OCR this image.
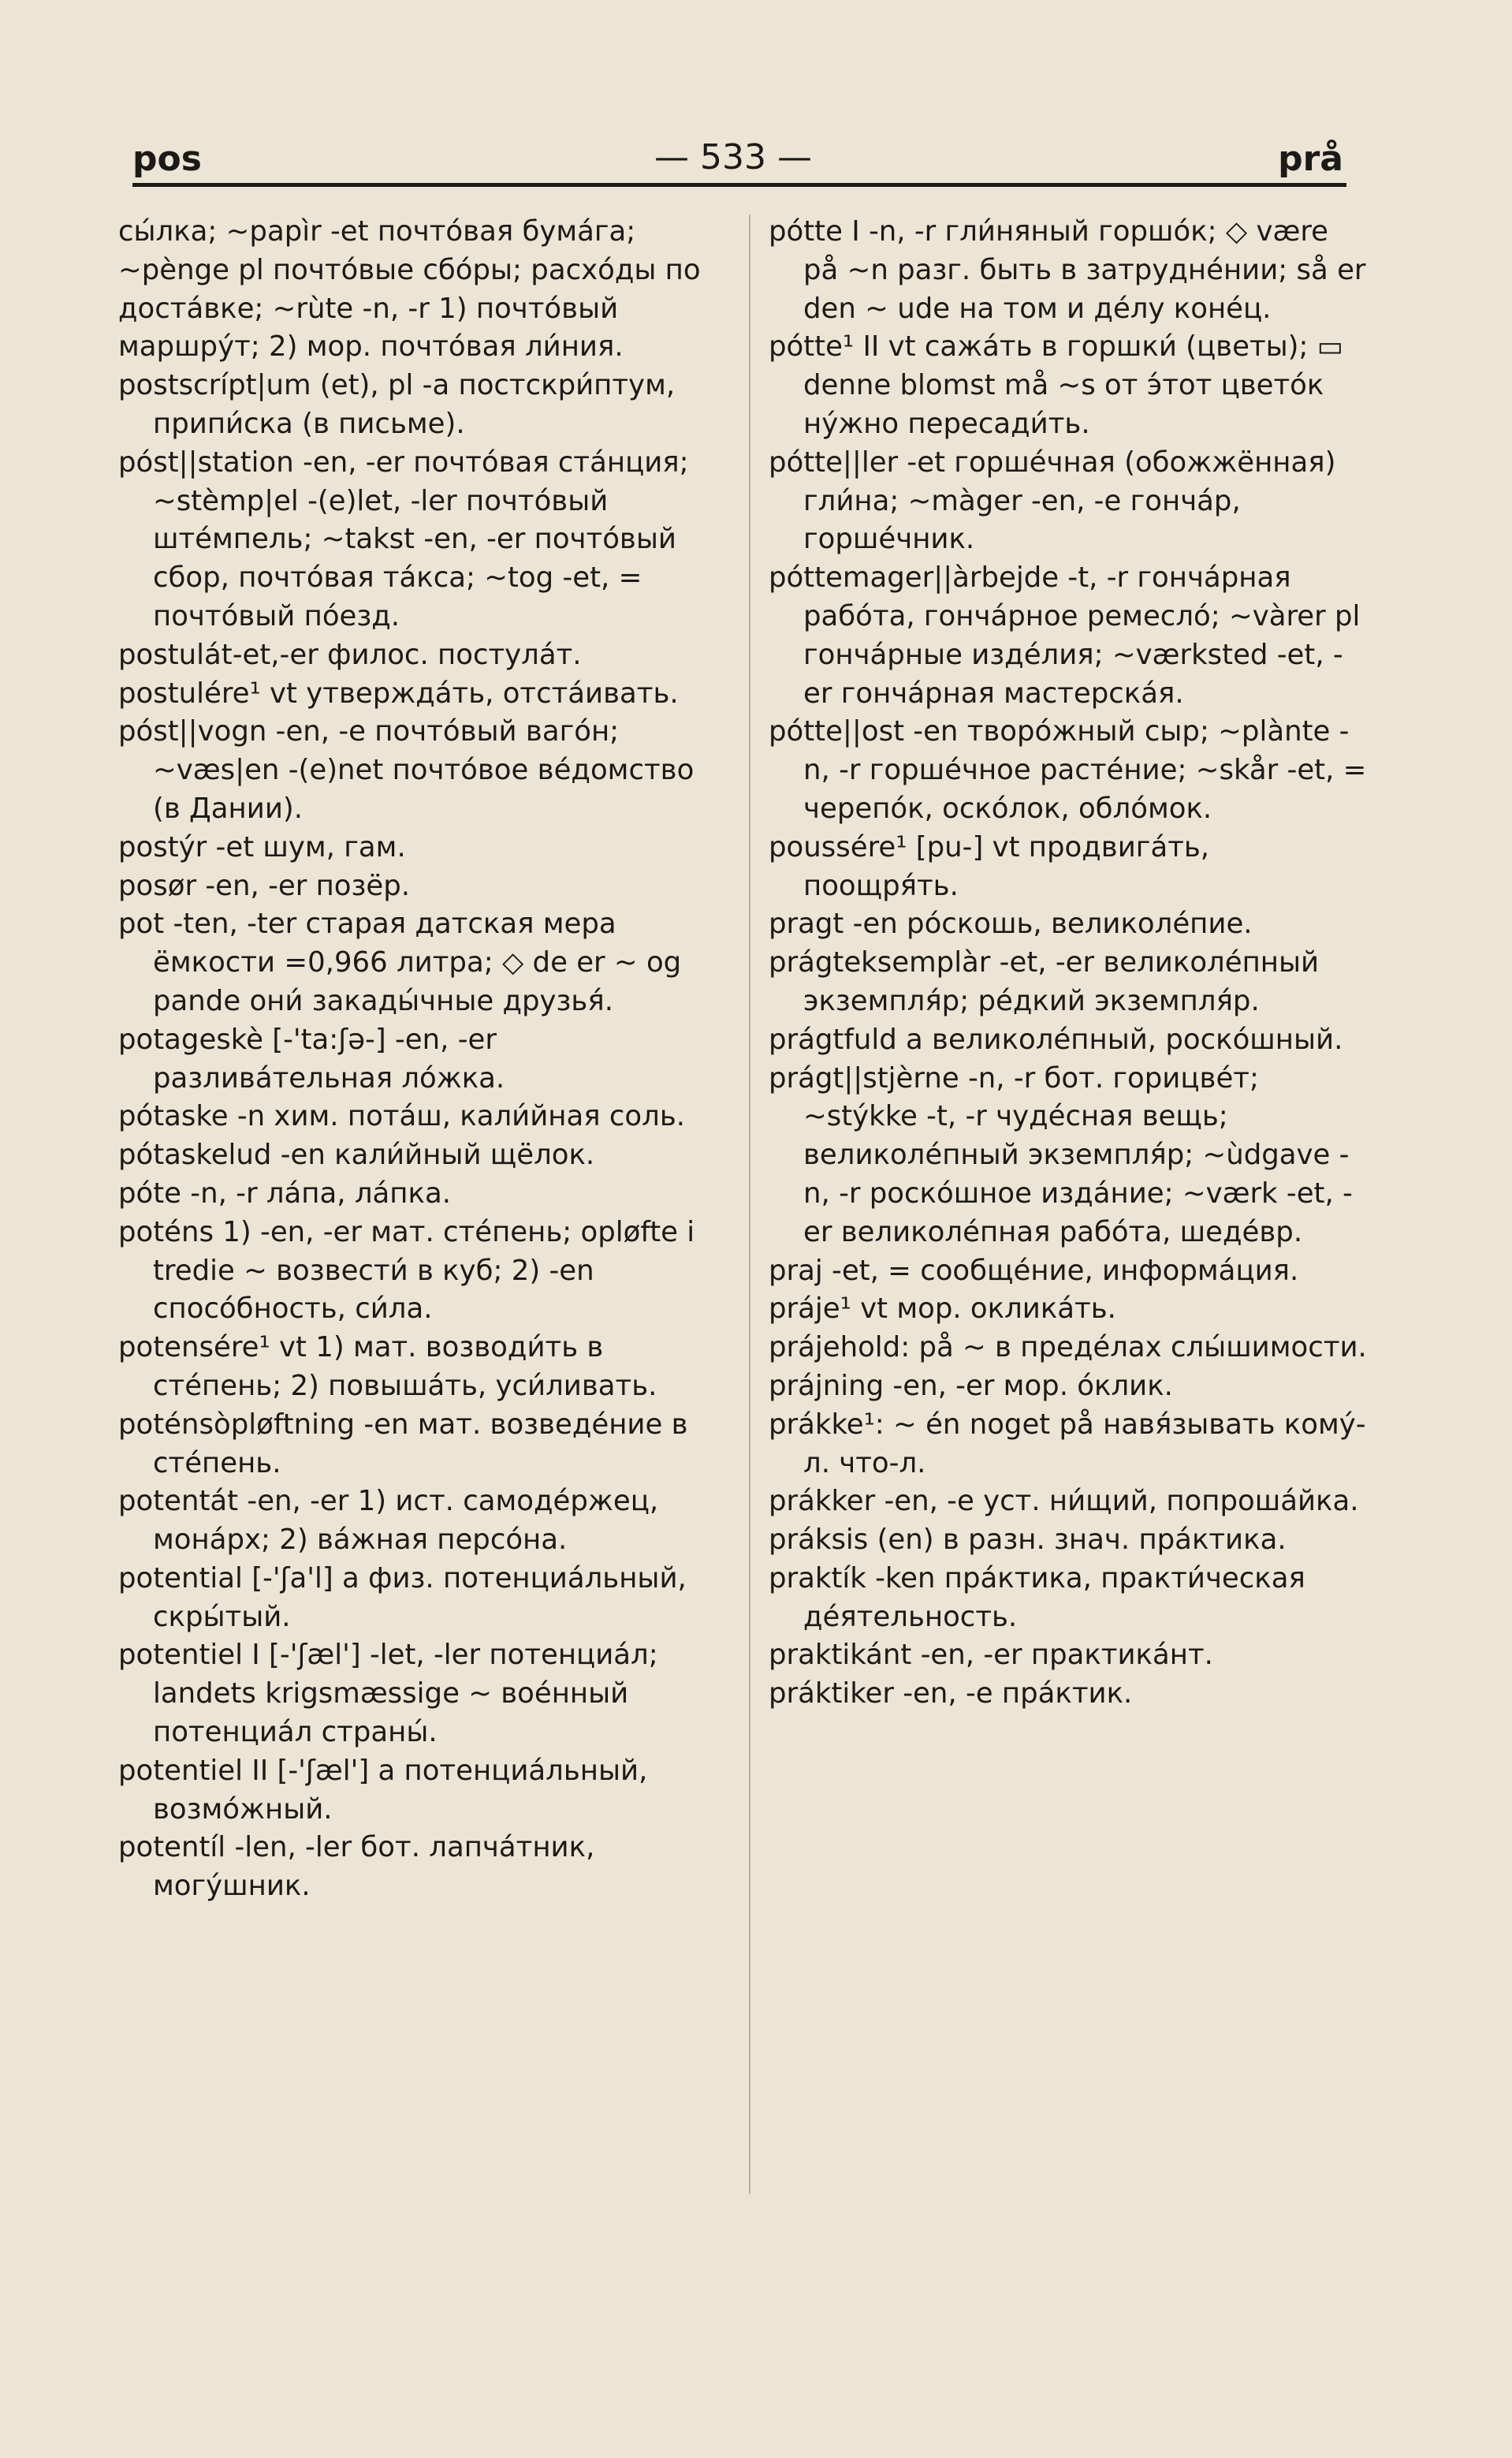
pos	— 533 —	prå

сы́лка; ~papìr -et почто́вая бума́га; ~pènge pl почто́вые сбо́ры; расхо́ды по доста́вке; ~rùte -n, -r 1) почто́вый маршру́т; 2) мор. почто́вая ли́ния.

postscrípt|um (et), pl -a постскри́птум, припи́ска (в письме).

póst||station -en, -er почто́вая ста́нция; ~stèmp|el -(e)let, -ler почто́вый ште́мпель; ~takst -en, -er почто́вый сбор, почто́вая та́кса; ~tog -et, = почто́вый по́езд.

postulát-et,-er филос. постула́т.

postulére¹ vt утвержда́ть, отста́ивать.

póst||vogn -en, -e почто́вый ваго́н; ~væs|en -(e)net почто́вое ве́домство (в Дании).

postýr -et шум, гам.

posør -en, -er позёр.

pot -ten, -ter старая датская мера ёмкости =0,966 литра; ◇ de er ~ og pande они́ закады́чные друзья́.

potageskè [-'ta:ʃə-] -en, -er разлива́тельная ло́жка.

pótaske -n хим. пота́ш, кали́йная соль.

pótaskelud -en кали́йный щёлок.

póte -n, -r ла́па, ла́пка.

poténs 1) -en, -er мат. сте́пень; opløfte i tredie ~ возвести́ в куб; 2) -en спосо́бность, си́ла.

potensére¹ vt 1) мат. возводи́ть в сте́пень; 2) повыша́ть, уси́ливать.

poténsòpløftning -en мат. возведе́ние в сте́пень.

potentát -en, -er 1) ист. самоде́ржец, мона́рх; 2) ва́жная персо́на.

potential [-'ʃa'l] a физ. потенциа́льный, скры́тый.

potentiel I [-'ʃæl'] -let, -ler потенциа́л; landets krigsmæssige ~ вое́нный потенциа́л страны́.

potentiel II [-'ʃæl'] a потенциа́льный, возмо́жный.

potentíl -len, -ler бот. лапча́тник, могу́шник.

pótte I -n, -r гли́няный горшо́к; ◇ være på ~n разг. быть в затрудне́нии; så er den ~ ude на том и де́лу коне́ц.

pótte¹ II vt сажа́ть в горшки́ (цветы); ▭ denne blomst må ~s от э́тот цвето́к ну́жно пересади́ть.

pótte||ler -et горше́чная (обожжённая) гли́на; ~màger -en, -e гонча́р, горше́чник.

póttemager||àrbejde -t, -r гонча́рная рабо́та, гонча́рное ремесло́; ~vàrer pl гонча́рные изде́лия; ~værksted -et, -er гонча́рная мастерска́я.

pótte||ost -en творо́жный сыр; ~plànte -n, -r горше́чное расте́ние; ~skår -et, = черепо́к, оско́лок, обло́мок.

poussére¹ [pu-] vt продвига́ть, поощря́ть.

pragt -en ро́скошь, великоле́пие.

prágteksemplàr -et, -er великоле́пный экземпля́р; ре́дкий экземпля́р.

prágtfuld a великоле́пный, роско́шный.

prágt||stjèrne -n, -r бот. горицве́т; ~stýkke -t, -r чуде́сная вещь; великоле́пный экземпля́р; ~ùdgave -n, -r роско́шное изда́ние; ~værk -et, -er великоле́пная рабо́та, шеде́вр.

praj -et, = сообще́ние, информа́ция.

práje¹ vt мор. оклика́ть.

prájehold: på ~ в преде́лах слы́шимости.

prájning -en, -er мор. о́клик.

prákke¹: ~ én noget på навя́зывать кому́-л. что-л.

prákker -en, -e уст. ни́щий, попроша́йка.

práksis (en) в разн. знач. пра́ктика.

praktík -ken пра́ктика, практи́ческая де́ятельность.

praktikánt -en, -er практика́нт.

práktiker -en, -e пра́ктик.
